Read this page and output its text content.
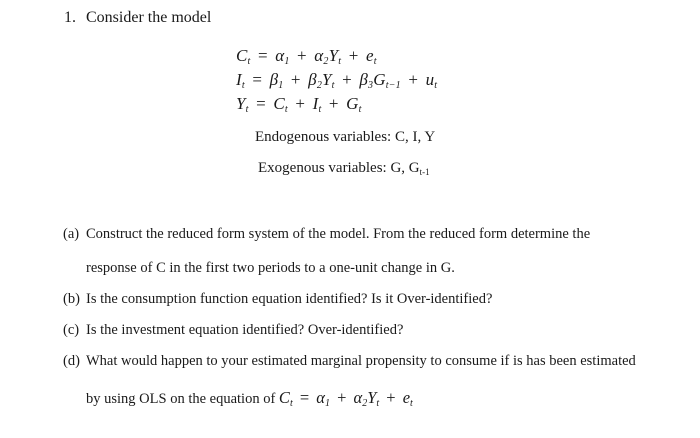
1. Consider the model
$C_t = \alpha_1 + \alpha_2Y_t + e_t$
$I_t = \beta_1 + \beta_2Y_t + \beta_3G_{t-1} + u_t$
$Y_t = C_t + I_t + G_t$
Endogenous variables: C, I, Y
Exogenous variables: G, $G_{t-1}$
(a) Construct the reduced form system of the model. From the reduced form determine the
response of C in the first two periods to a one-unit change in G.
(b) Is the consumption function equation identified? Is it Over-identified?
(c) Is the investment equation identified? Over-identified?
(d) What would happen to your estimated marginal propensity to consume if is has been estimated
by using OLS on the equation of $C_t = \alpha_1 + \alpha_2Y_t + e_t$
